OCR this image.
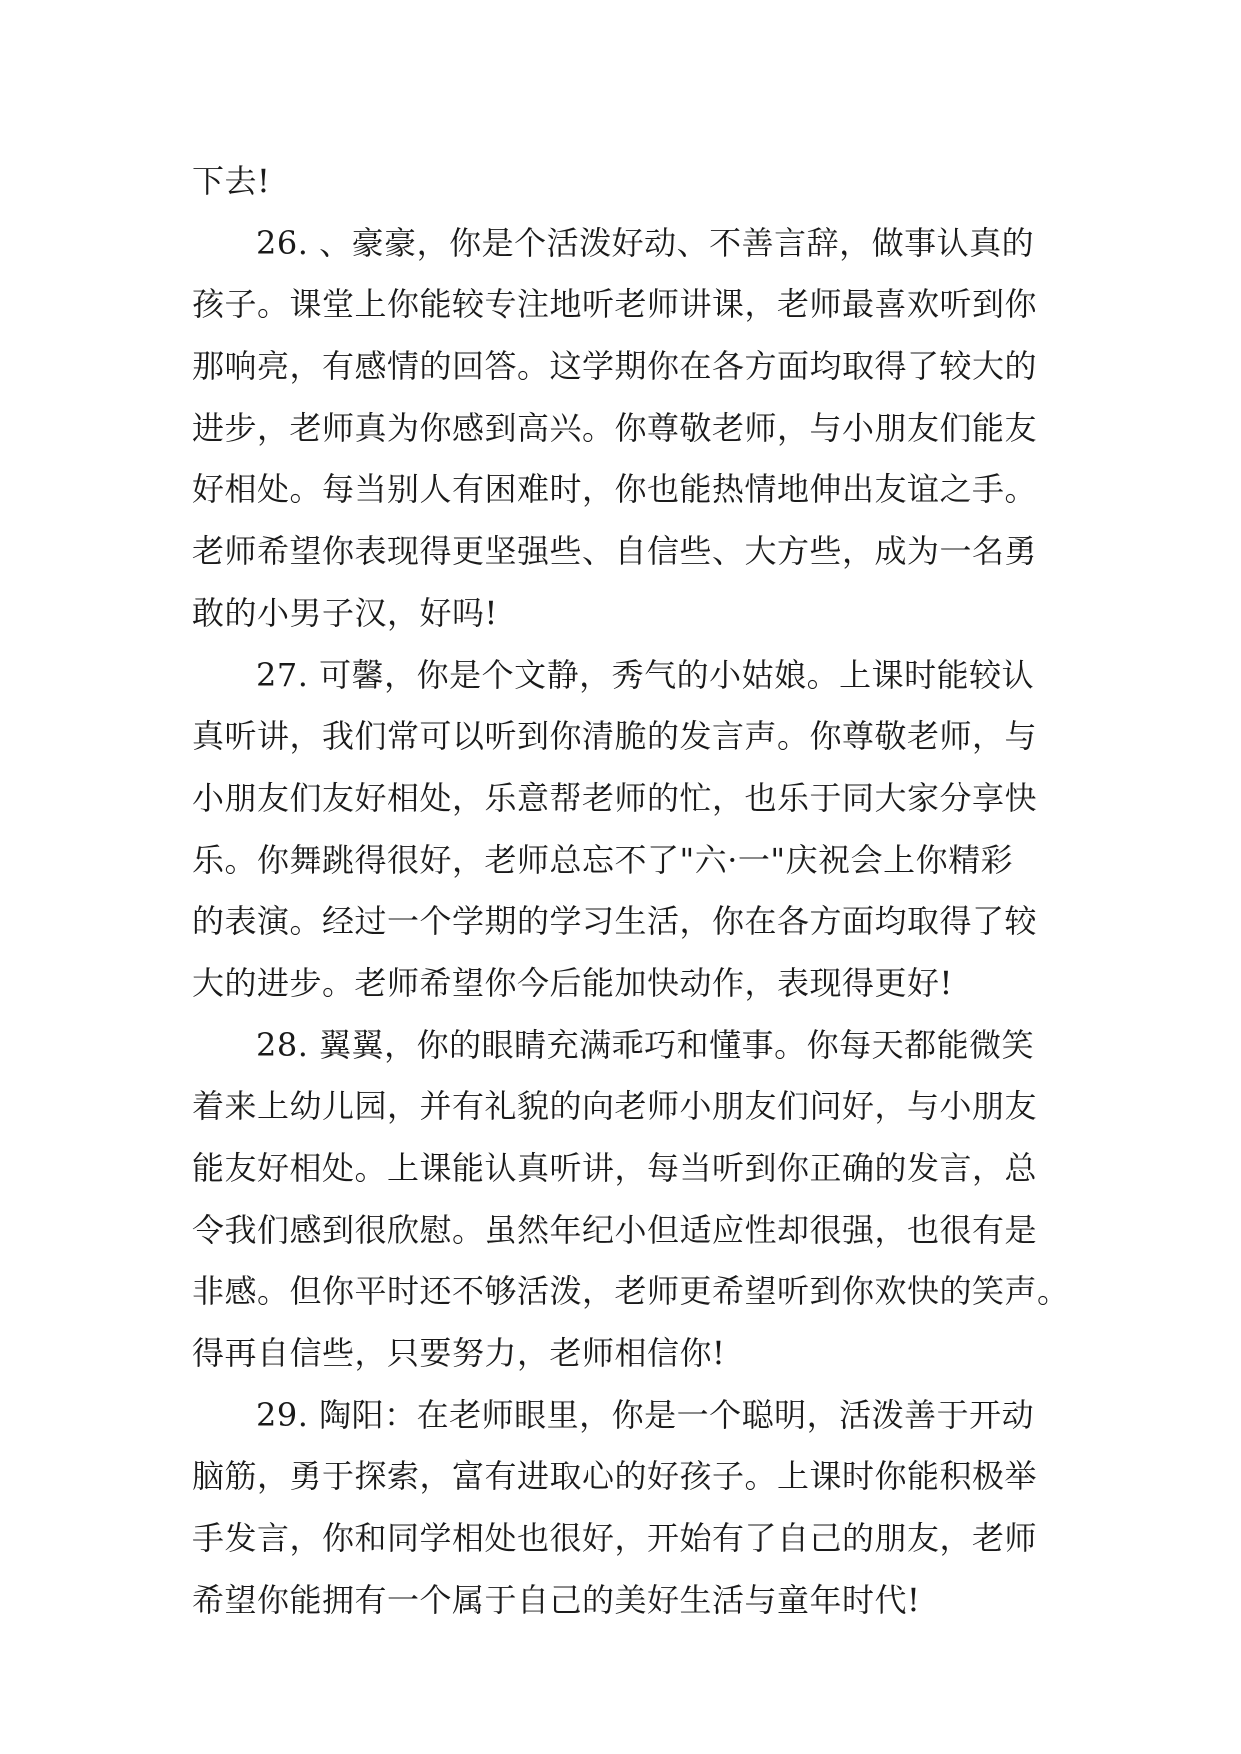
下去!
26. 、豪豪，你是个活泼好动、不善言辞，做事认真的
孩子。课堂上你能较专注地听老师讲课，老师最喜欢听到你
那响亮，有感情的回答。这学期你在各方面均取得了较大的
进步，老师真为你感到高兴。你尊敬老师，与小朋友们能友
好相处。每当别人有困难时，你也能热情地伸出友谊之手。
老师希望你表现得更坚强些、自信些、大方些，成为一名勇
敢的小男子汉，好吗!
27. 可馨，你是个文静，秀气的小姑娘。上课时能较认
真听讲，我们常可以听到你清脆的发言声。你尊敬老师，与
小朋友们友好相处，乐意帮老师的忙，也乐于同大家分享快
乐。你舞跳得很好，老师总忘不了"六·一"庆祝会上你精彩
的表演。经过一个学期的学习生活，你在各方面均取得了较
大的进步。老师希望你今后能加快动作，表现得更好!
28. 翼翼，你的眼睛充满乖巧和懂事。你每天都能微笑
着来上幼儿园，并有礼貌的向老师小朋友们问好，与小朋友
能友好相处。上课能认真听讲，每当听到你正确的发言，总
令我们感到很欣慰。虽然年纪小但适应性却很强，也很有是
非感。但你平时还不够活泼，老师更希望听到你欢快的笑声。
得再自信些，只要努力，老师相信你!
29. 陶阳：在老师眼里，你是一个聪明，活泼善于开动
脑筋，勇于探索，富有进取心的好孩子。上课时你能积极举
手发言，你和同学相处也很好，开始有了自己的朋友，老师
希望你能拥有一个属于自己的美好生活与童年时代!
